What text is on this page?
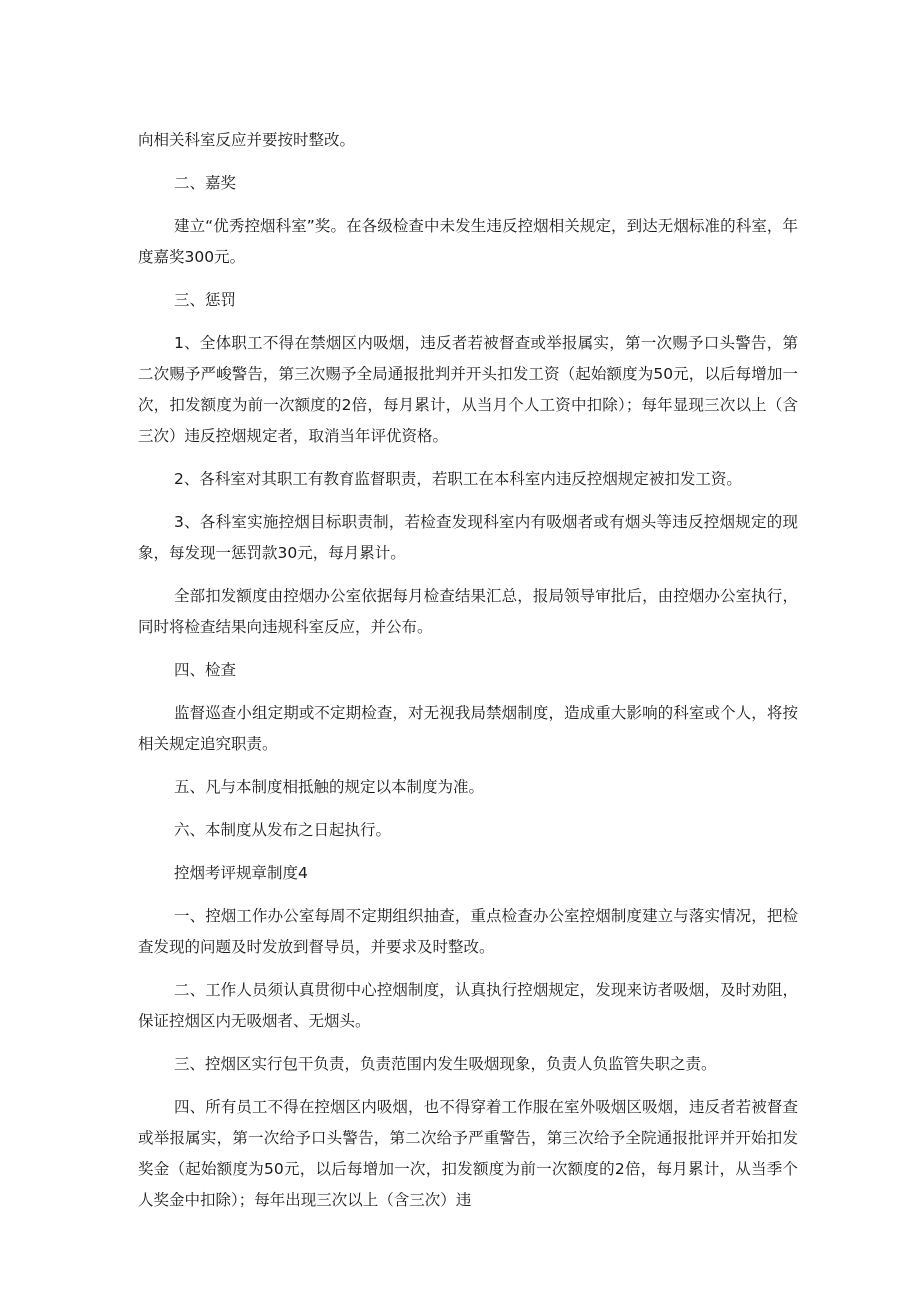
向相关科室反应并要按时整改。

二、嘉奖

建立“优秀控烟科室”奖。在各级检查中未发生违反控烟相关规定，到达无烟标准的科室，年度嘉奖300元。

三、惩罚

1、全体职工不得在禁烟区内吸烟，违反者若被督查或举报属实，第一次赐予口头警告，第二次赐予严峻警告，第三次赐予全局通报批判并开头扣发工资（起始额度为50元，以后每增加一次，扣发额度为前一次额度的2倍，每月累计，从当月个人工资中扣除）；每年显现三次以上（含三次）违反控烟规定者，取消当年评优资格。

2、各科室对其职工有教育监督职责，若职工在本科室内违反控烟规定被扣发工资。

3、各科室实施控烟目标职责制，若检查发现科室内有吸烟者或有烟头等违反控烟规定的现象，每发现一惩罚款30元，每月累计。

全部扣发额度由控烟办公室依据每月检查结果汇总，报局领导审批后，由控烟办公室执行，同时将检查结果向违规科室反应，并公布。

四、检查

监督巡查小组定期或不定期检查，对无视我局禁烟制度，造成重大影响的科室或个人，将按相关规定追究职责。

五、凡与本制度相抵触的规定以本制度为准。

六、本制度从发布之日起执行。

控烟考评规章制度4

一、控烟工作办公室每周不定期组织抽查，重点检查办公室控烟制度建立与落实情况，把检查发现的问题及时发放到督导员，并要求及时整改。

二、工作人员须认真贯彻中心控烟制度，认真执行控烟规定，发现来访者吸烟，及时劝阻，保证控烟区内无吸烟者、无烟头。

三、控烟区实行包干负责，负责范围内发生吸烟现象，负责人负监管失职之责。

四、所有员工不得在控烟区内吸烟，也不得穿着工作服在室外吸烟区吸烟，违反者若被督查或举报属实，第一次给予口头警告，第二次给予严重警告，第三次给予全院通报批评并开始扣发奖金（起始额度为50元，以后每增加一次，扣发额度为前一次额度的2倍，每月累计，从当季个人奖金中扣除）；每年出现三次以上（含三次）违
